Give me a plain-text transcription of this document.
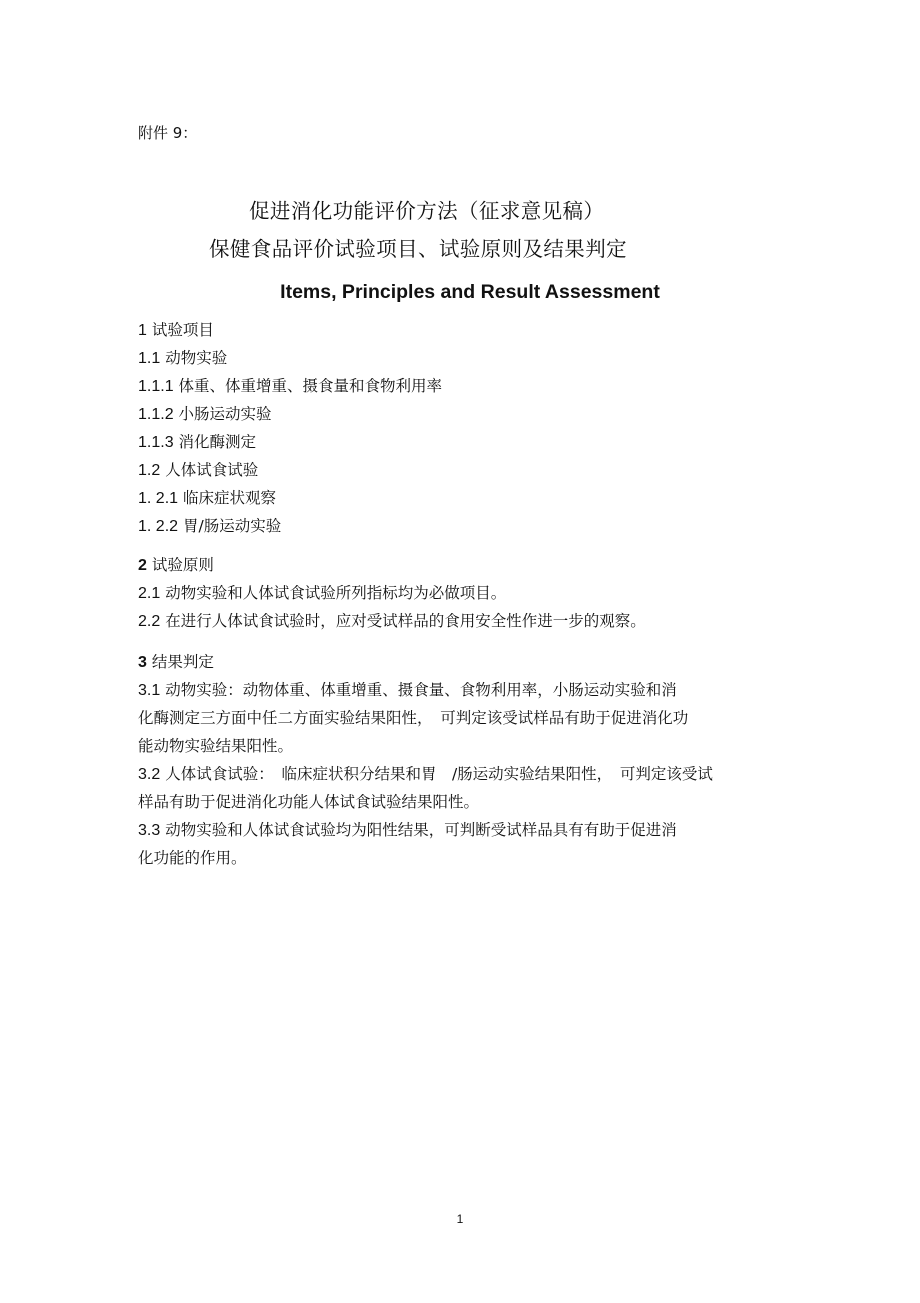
附件 9：
促进消化功能评价方法（征求意见稿）
保健食品评价试验项目、试验原则及结果判定
Items, Principles and Result Assessment
1 试验项目
1.1 动物实验
1.1.1 体重、体重增重、摄食量和食物利用率
1.1.2 小肠运动实验
1.1.3 消化酶测定
1.2 人体试食试验
1. 2.1 临床症状观察
1. 2.2 胃/肠运动实验
2 试验原则
2.1 动物实验和人体试食试验所列指标均为必做项目。
2.2 在进行人体试食试验时，应对受试样品的食用安全性作进一步的观察。
3 结果判定
3.1 动物实验：动物体重、体重增重、摄食量、食物利用率，小肠运动实验和消
化酶测定三方面中任二方面实验结果阳性，　可判定该受试样品有助于促进消化功
能动物实验结果阳性。
3.2 人体试食试验：　临床症状积分结果和胃　/肠运动实验结果阳性，　可判定该受试
样品有助于促进消化功能人体试食试验结果阳性。
3.3 动物实验和人体试食试验均为阳性结果，可判断受试样品具有有助于促进消
化功能的作用。
1
